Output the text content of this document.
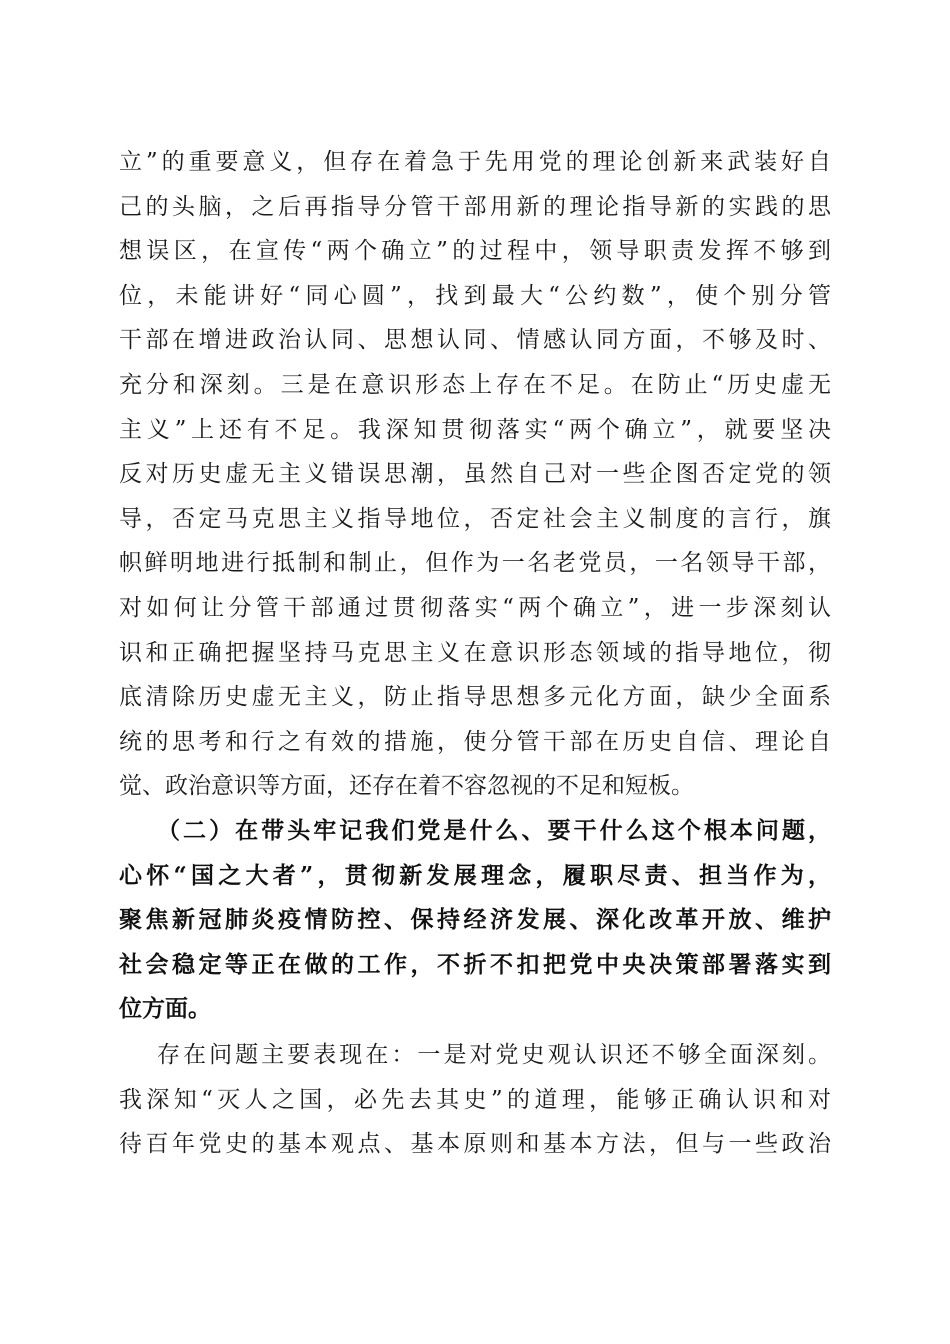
立”的重要意义，但存在着急于先用党的理论创新来武装好自
己的头脑，之后再指导分管干部用新的理论指导新的实践的思
想误区，在宣传“两个确立”的过程中，领导职责发挥不够到
位，未能讲好“同心圆”，找到最大“公约数”，使个别分管
干部在增进政治认同、思想认同、情感认同方面，不够及时、
充分和深刻。三是在意识形态上存在不足。在防止“历史虚无
主义”上还有不足。我深知贯彻落实“两个确立”，就要坚决
反对历史虚无主义错误思潮，虽然自己对一些企图否定党的领
导，否定马克思主义指导地位，否定社会主义制度的言行，旗
帜鲜明地进行抵制和制止，但作为一名老党员，一名领导干部，
对如何让分管干部通过贯彻落实“两个确立”，进一步深刻认
识和正确把握坚持马克思主义在意识形态领域的指导地位，彻
底清除历史虚无主义，防止指导思想多元化方面，缺少全面系
统的思考和行之有效的措施，使分管干部在历史自信、理论自
觉、政治意识等方面，还存在着不容忽视的不足和短板。
（二）在带头牢记我们党是什么、要干什么这个根本问题，
心怀“国之大者”，贯彻新发展理念，履职尽责、担当作为，
聚焦新冠肺炎疫情防控、保持经济发展、深化改革开放、维护
社会稳定等正在做的工作，不折不扣把党中央决策部署落实到
位方面。
存在问题主要表现在：一是对党史观认识还不够全面深刻。
我深知“灭人之国，必先去其史”的道理，能够正确认识和对
待百年党史的基本观点、基本原则和基本方法，但与一些政治
